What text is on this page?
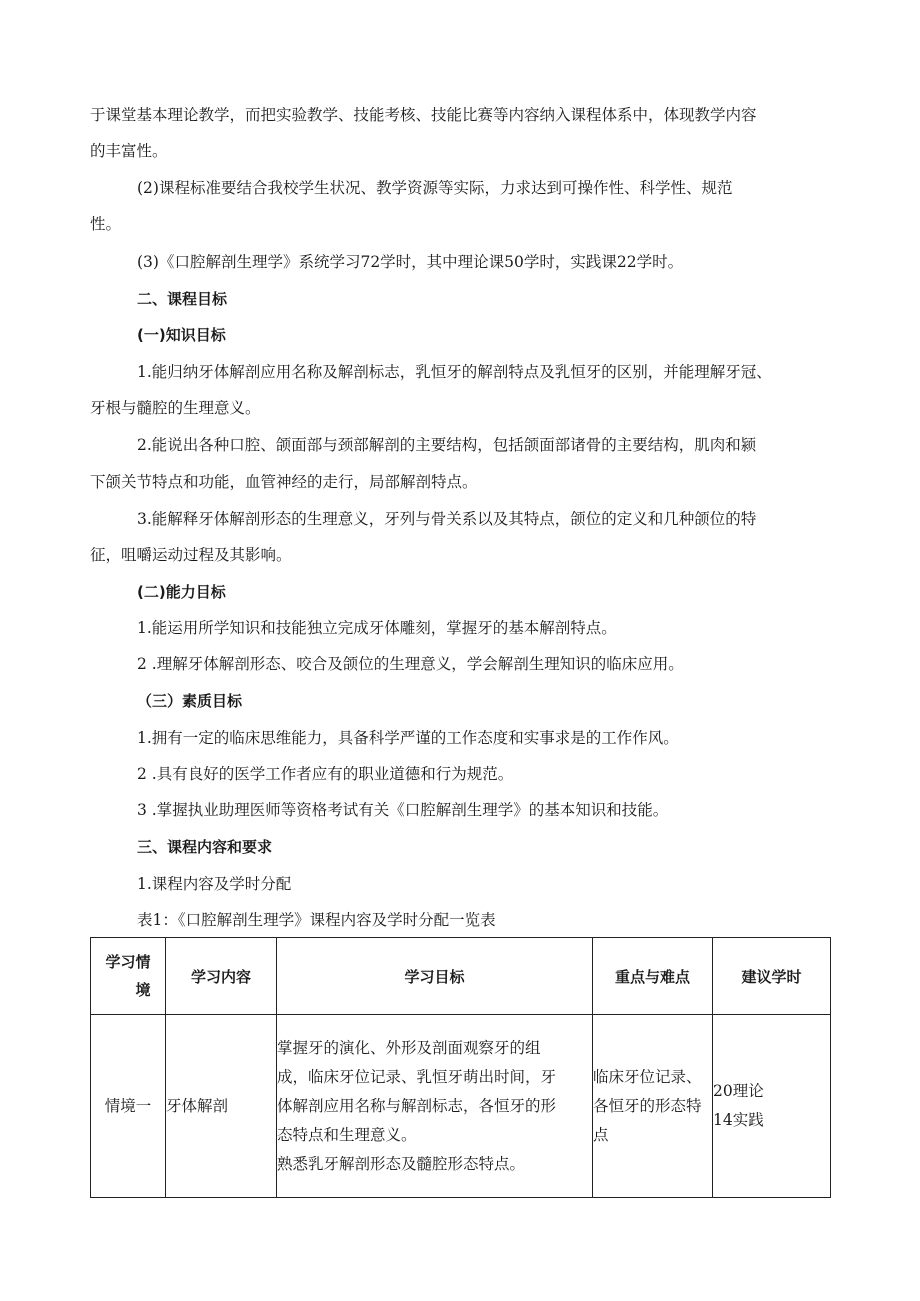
于课堂基本理论教学，而把实验教学、技能考核、技能比赛等内容纳入课程体系中，体现教学内容
的丰富性。
(2)课程标准要结合我校学生状况、教学资源等实际，力求达到可操作性、科学性、规范
性。
(3)《口腔解剖生理学》系统学习72学时，其中理论课50学时，实践课22学时。
二、课程目标
(一)知识目标
1.能归纳牙体解剖应用名称及解剖标志，乳恒牙的解剖特点及乳恒牙的区别，并能理解牙冠、
牙根与髓腔的生理意义。
2.能说出各种口腔、颌面部与颈部解剖的主要结构，包括颌面部诸骨的主要结构，肌肉和颍
下颌关节特点和功能，血管神经的走行，局部解剖特点。
3.能解释牙体解剖形态的生理意义，牙列与骨关系以及其特点，颌位的定义和几种颌位的特
征，咀嚼运动过程及其影响。
(二)能力目标
1.能运用所学知识和技能独立完成牙体雕刻，掌握牙的基本解剖特点。
2 .理解牙体解剖形态、咬合及颌位的生理意义，学会解剖生理知识的临床应用。
（三）素质目标
1.拥有一定的临床思维能力，具备科学严谨的工作态度和实事求是的工作作风。
2 .具有良好的医学工作者应有的职业道德和行为规范。
3 .掌握执业助理医师等资格考试有关《口腔解剖生理学》的基本知识和技能。
三、课程内容和要求
1.课程内容及学时分配
表1：《口腔解剖生理学》课程内容及学时分配一览表
学习情
境	学习内容	学习目标	重点与难点	建议学时
情境一	牙体解剖	掌握牙的演化、外形及剖面观察牙的组
成，临床牙位记录、乳恒牙萌出时间，牙
体解剖应用名称与解剖标志，各恒牙的形
态特点和生理意义。
熟悉乳牙解剖形态及髓腔形态特点。	临床牙位记录、
各恒牙的形态特
点	20理论
14实践
